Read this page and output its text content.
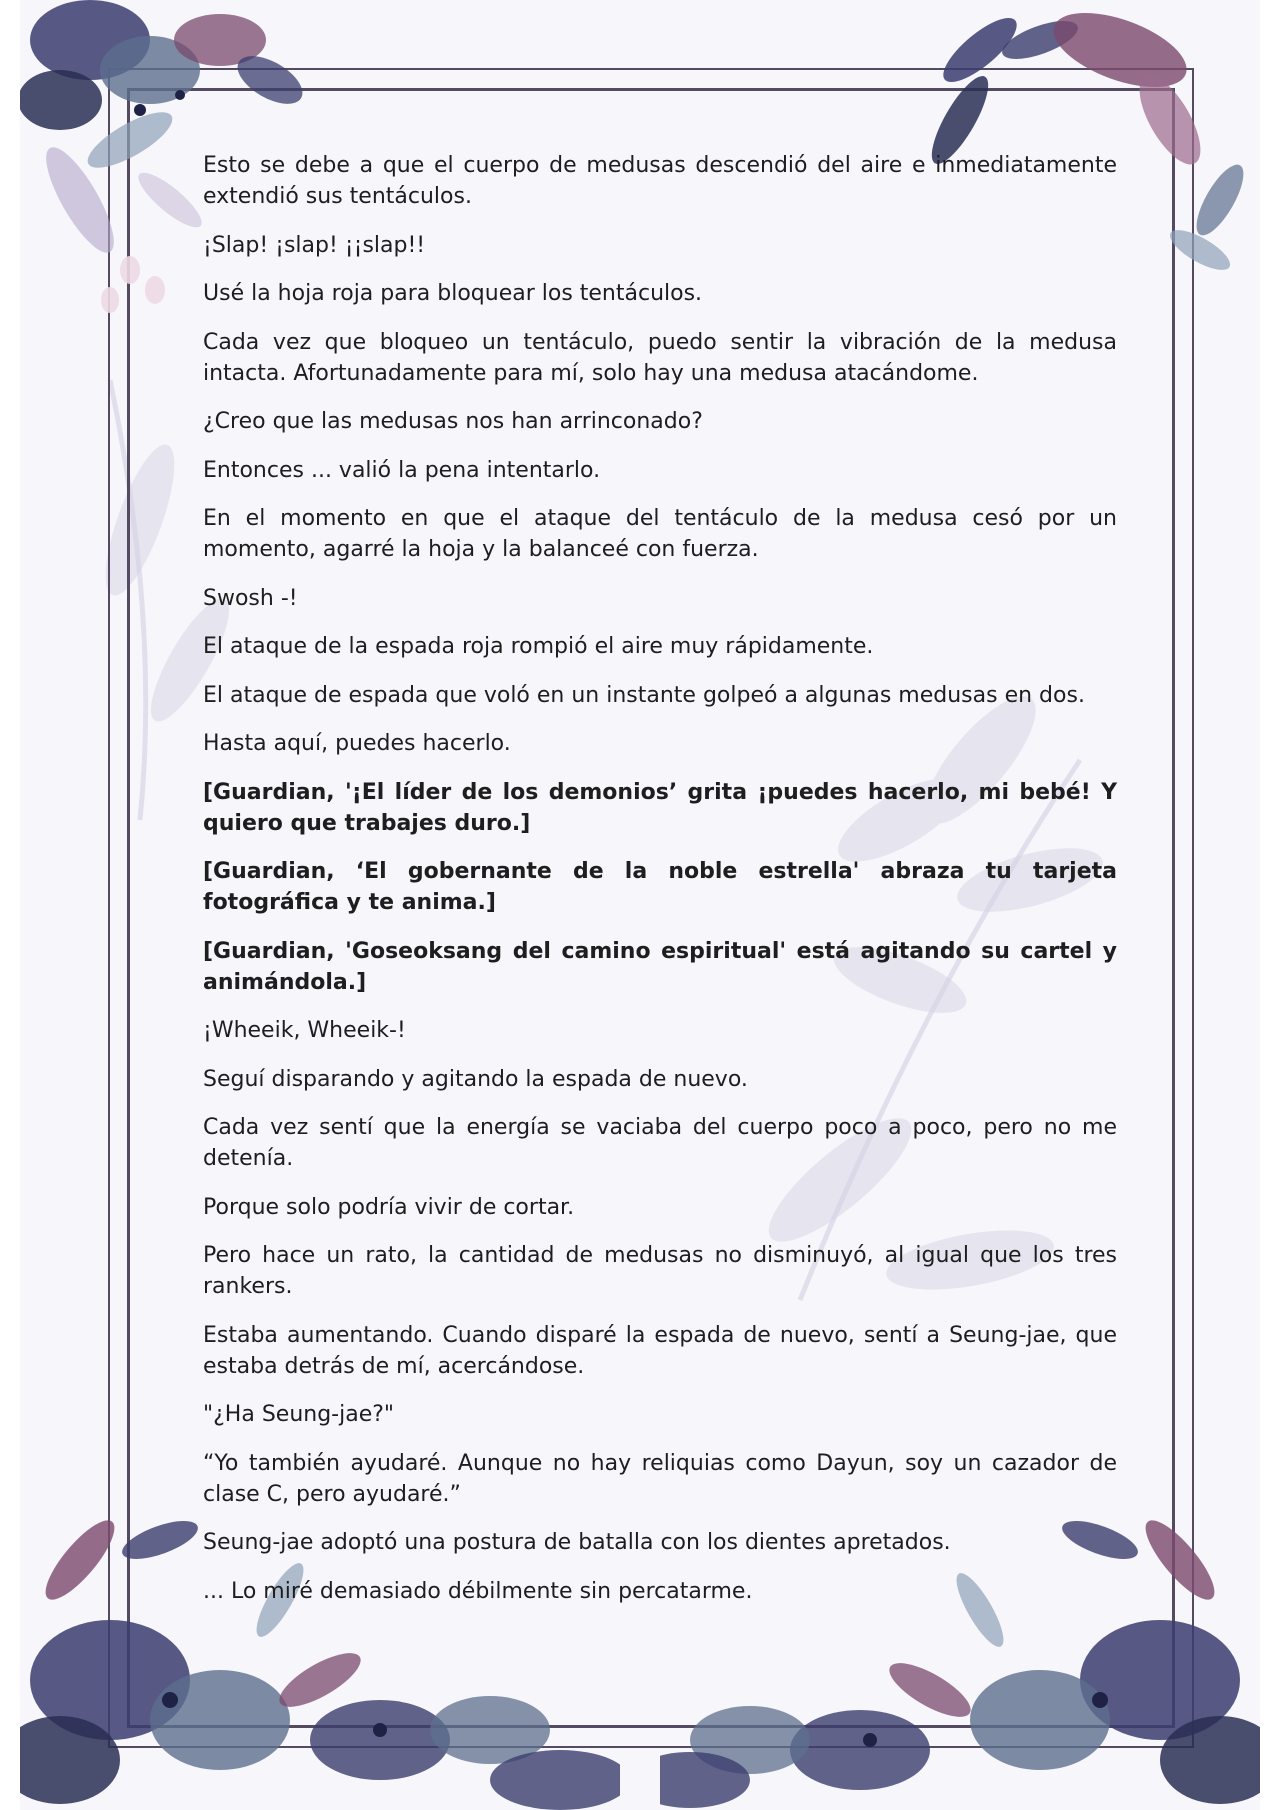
Esto se debe a que el cuerpo de medusas descendió del aire e inmediatamente extendió sus tentáculos.

¡Slap! ¡slap! ¡¡slap!!

Usé la hoja roja para bloquear los tentáculos.

Cada vez que bloqueo un tentáculo, puedo sentir la vibración de la medusa intacta. Afortunadamente para mí, solo hay una medusa atacándome.

¿Creo que las medusas nos han arrinconado?

Entonces ... valió la pena intentarlo.

En el momento en que el ataque del tentáculo de la medusa cesó por un momento, agarré la hoja y la balanceé con fuerza.

Swosh -!

El ataque de la espada roja rompió el aire muy rápidamente.

El ataque de espada que voló en un instante golpeó a algunas medusas en dos.

Hasta aquí, puedes hacerlo.

[Guardian, '¡El líder de los demonios’ grita ¡puedes hacerlo, mi bebé! Y quiero que trabajes duro.]

[Guardian, ‘El gobernante de la noble estrella' abraza tu tarjeta fotográfica y te anima.]

[Guardian, 'Goseoksang del camino espiritual' está agitando su cartel y animándola.]

¡Wheeik, Wheeik-!

Seguí disparando y agitando la espada de nuevo.

Cada vez sentí que la energía se vaciaba del cuerpo poco a poco, pero no me detenía.

Porque solo podría vivir de cortar.

Pero hace un rato, la cantidad de medusas no disminuyó, al igual que los tres rankers.

Estaba aumentando. Cuando disparé la espada de nuevo, sentí a Seung-jae, que estaba detrás de mí, acercándose.

"¿Ha Seung-jae?"

“Yo también ayudaré. Aunque no hay reliquias como Dayun, soy un cazador de clase C, pero ayudaré.”

Seung-jae adoptó una postura de batalla con los dientes apretados.

... Lo miré demasiado débilmente sin percatarme.
